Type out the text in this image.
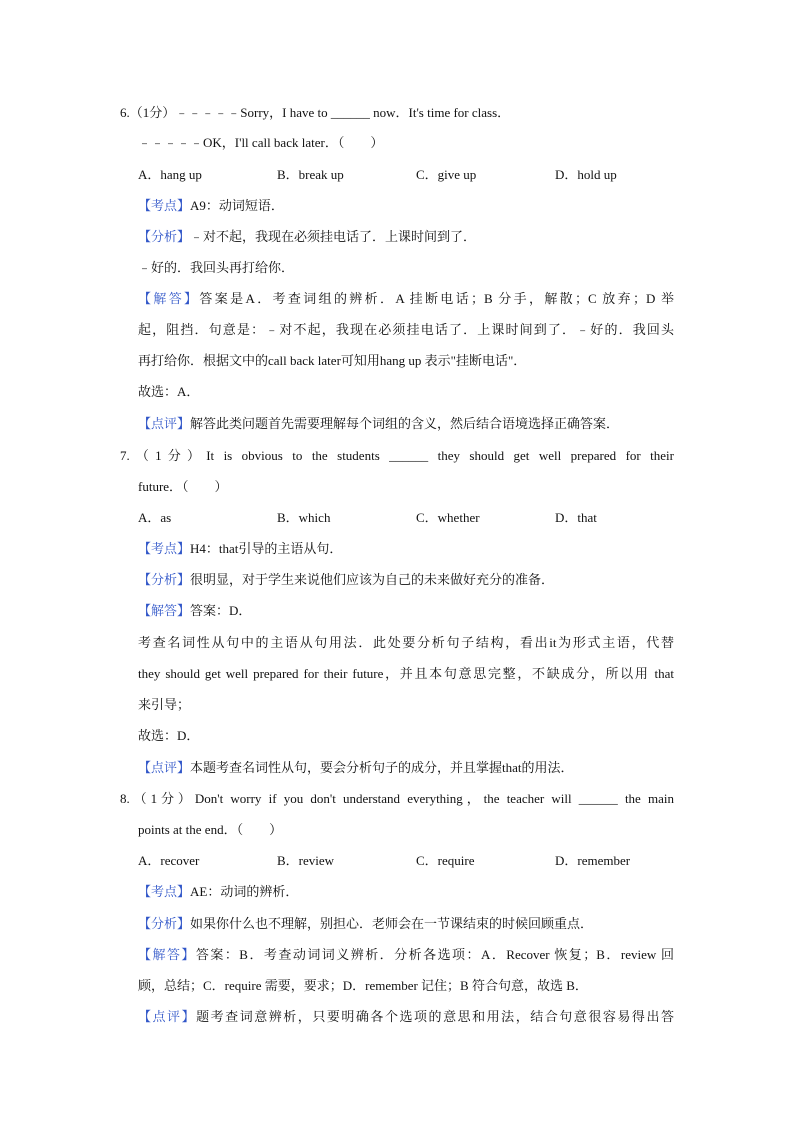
6.（1分）﹣﹣﹣﹣﹣Sorry，I have to ______ now．It's time for class．
﹣﹣﹣﹣﹣OK，I'll call back later．（　　）
A．hang up	B．break up	C．give up	D．hold up
【考点】A9：动词短语．
【分析】﹣对不起，我现在必须挂电话了．上课时间到了．
﹣好的．我回头再打给你．
【解答】答案是A．考查词组的辨析．A 挂断电话；B 分手，解散；C 放弃；D 举
起，阻挡．句意是：﹣对不起，我现在必须挂电话了．上课时间到了．﹣好的．我回头
再打给你．根据文中的call back later可知用hang up 表示"挂断电话"．
故选：A．
【点评】解答此类问题首先需要理解每个词组的含义，然后结合语境选择正确答案．
7.（1分）It is obvious to the students ______ they should get well prepared for their
future．（　　）
A．as	B．which	C．whether	D．that
【考点】H4：that引导的主语从句．
【分析】很明显，对于学生来说他们应该为自己的未来做好充分的准备．
【解答】答案：D．
考查名词性从句中的主语从句用法．此处要分析句子结构，看出it为形式主语，代替
they should get well prepared for their future，并且本句意思完整，不缺成分，所以用 that
来引导；
故选：D．
【点评】本题考查名词性从句，要会分析句子的成分，并且掌握that的用法．
8.（1分）Don't worry if you don't understand everything，the teacher will ______ the main
points at the end．（　　）
A．recover	B．review	C．require	D．remember
【考点】AE：动词的辨析．
【分析】如果你什么也不理解，别担心．老师会在一节课结束的时候回顾重点．
【解答】答案：B．考查动词词义辨析．分析各选项：A．Recover 恢复；B．review 回
顾，总结；C．require 需要，要求；D．remember 记住；B 符合句意，故选 B．
【点评】题考查词意辨析，只要明确各个选项的意思和用法，结合句意很容易得出答
